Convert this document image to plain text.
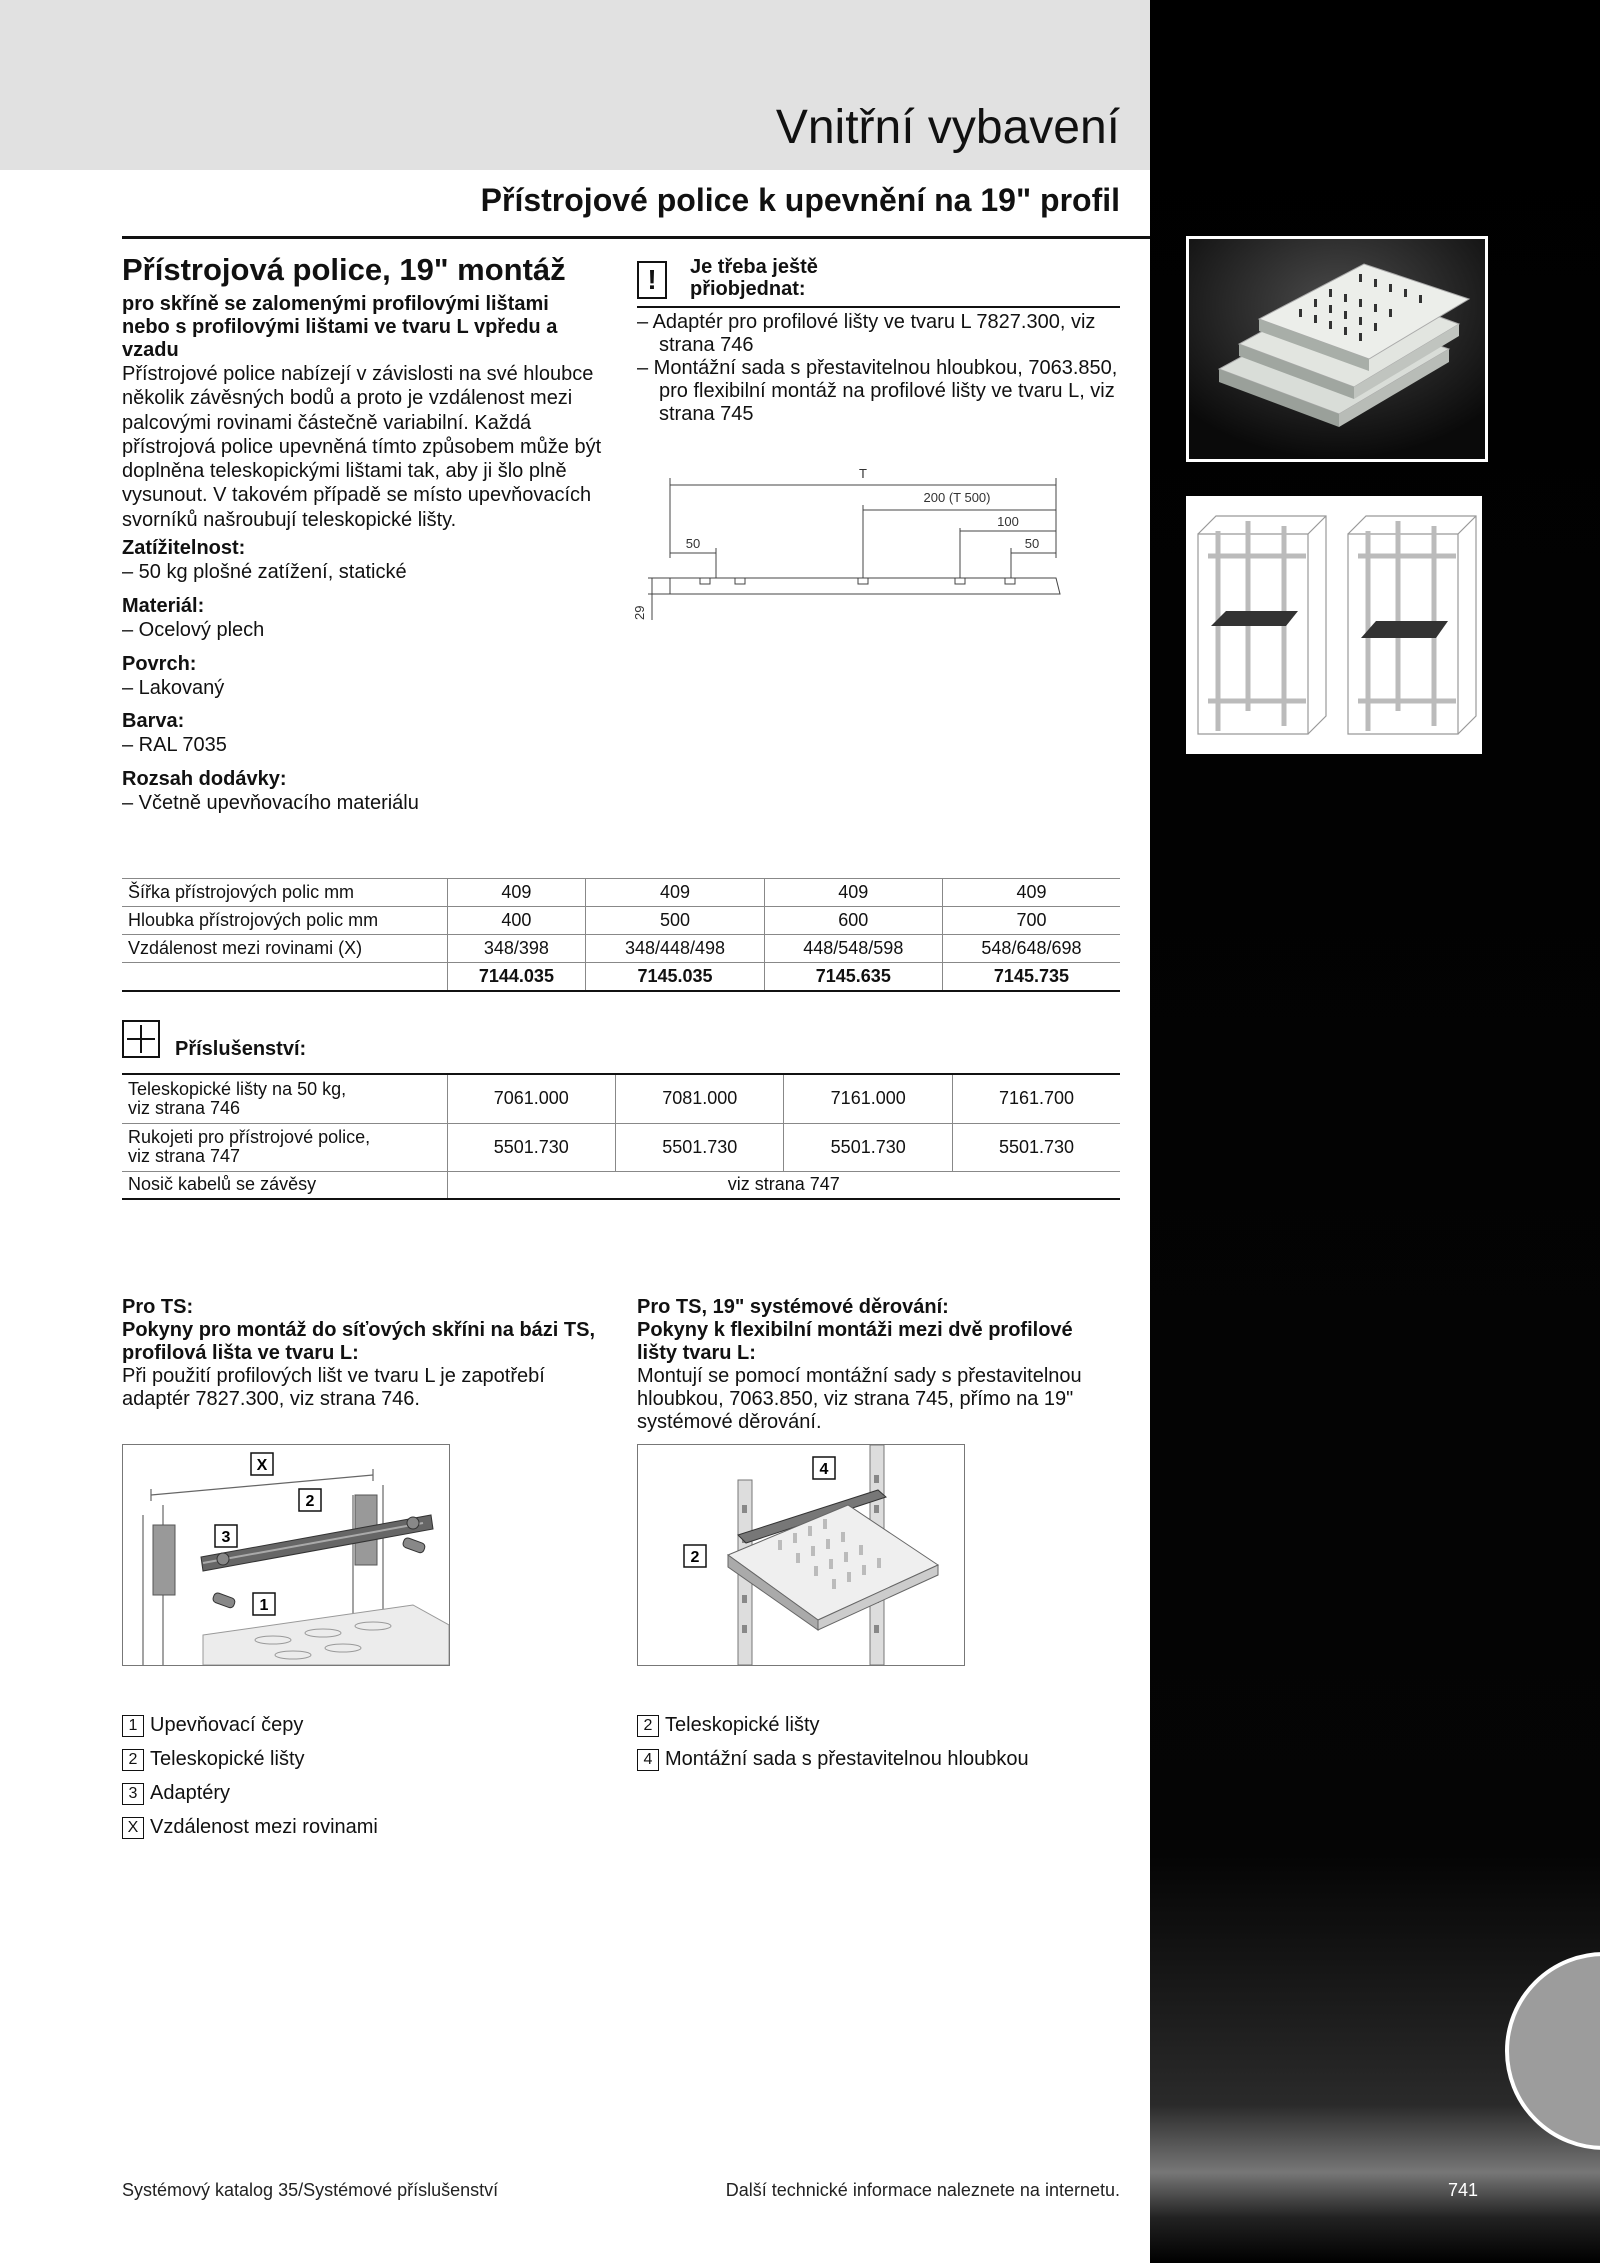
Vnitřní vybavení
Přístrojové police k upevnění na 19" profil
Přístrojová police, 19" montáž
pro skříně se zalomenými profilovými lištami nebo s profilovými lištami ve tvaru L vpředu a vzadu
Přístrojové police nabízejí v závislosti na své hloubce několik závěsných bodů a proto je vzdálenost mezi palcovými rovinami částečně variabilní. Každá přístrojová police upevněná tímto způsobem může být doplněna teleskopickými lištami tak, aby ji šlo plně vysunout. V takovém případě se místo upevňovacích svorníků našroubují teleskopické lišty.
Zatížitelnost:
– 50 kg plošné zatížení, statické
Materiál:
– Ocelový plech
Povrch:
– Lakovaný
Barva:
– RAL 7035
Rozsah dodávky:
– Včetně upevňovacího materiálu
!	Je třeba ještě přiobjednat:
– Adaptér pro profilové lišty ve tvaru L 7827.300, viz strana 746
– Montážní sada s přestavitelnou hloubkou, 7063.850, pro flexibilní montáž na profilové lišty ve tvaru L, viz strana 745
T
200 (T 500)
100
50
50
29
Šířka přístrojových polic mm	409	409	409	409
Hloubka přístrojových polic mm	400	500	600	700
Vzdálenost mezi rovinami (X)	348/398	348/448/498	448/548/598	548/648/698
	7144.035	7145.035	7145.635	7145.735
Příslušenství:
Teleskopické lišty na 50 kg,
viz strana 746	7061.000	7081.000	7161.000	7161.700
Rukojeti pro přístrojové police,
viz strana 747	5501.730	5501.730	5501.730	5501.730
Nosič kabelů se závěsy	viz strana 747			
Pro TS:
Pokyny pro montáž do síťových skříni na bázi TS, profilová lišta ve tvaru L:
Při použití profilových lišt ve tvaru L je zapotřebí adaptér 7827.300, viz strana 746.
Pro TS, 19" systémové děrování:
Pokyny k flexibilní montáži mezi dvě profilové lišty tvaru L:
Montují se pomocí montážní sady s přestavitelnou hloubkou, 7063.850, viz strana 745, přímo na 19" systémové děrování.
X
2
3
1
4
2
1 Upevňovací čepy
2 Teleskopické lišty
3 Adaptéry
X Vzdálenost mezi rovinami
2 Teleskopické lišty
4 Montážní sada s přestavitelnou hloubkou
Systémový katalog 35/Systémové příslušenství	Další technické informace naleznete na internetu.	741
